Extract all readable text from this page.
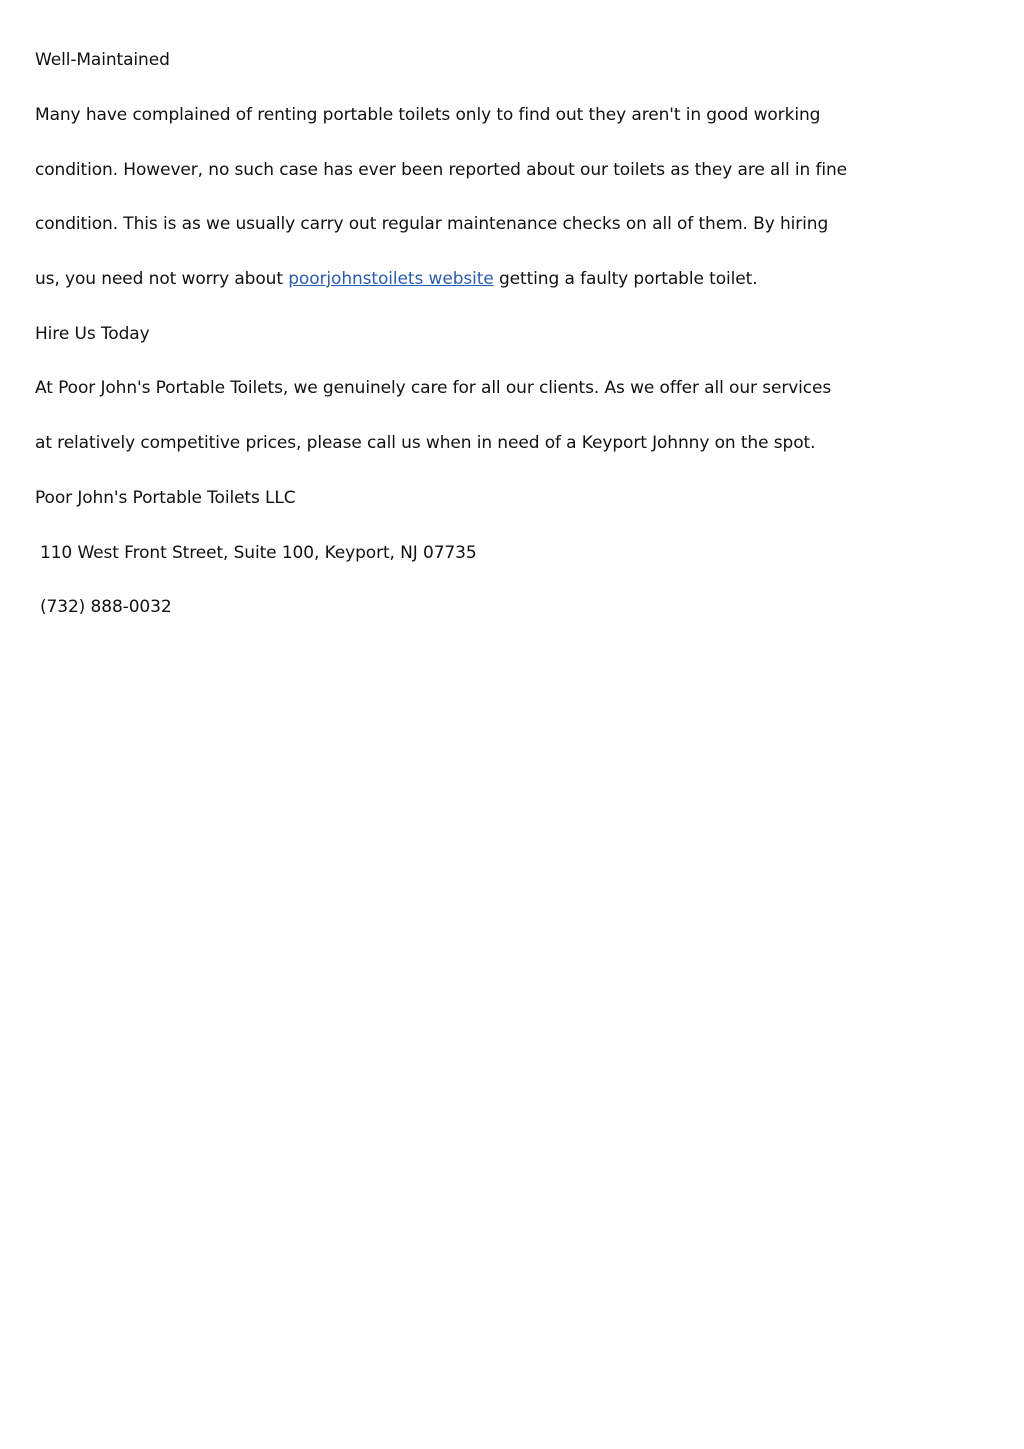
Well-Maintained
Many have complained of renting portable toilets only to find out they aren't in good working
condition. However, no such case has ever been reported about our toilets as they are all in fine
condition. This is as we usually carry out regular maintenance checks on all of them. By hiring
us, you need not worry about poorjohnstoilets website getting a faulty portable toilet.
Hire Us Today
At Poor John's Portable Toilets, we genuinely care for all our clients. As we offer all our services
at relatively competitive prices, please call us when in need of a Keyport Johnny on the spot.
Poor John's Portable Toilets LLC
110 West Front Street, Suite 100, Keyport, NJ 07735
(732) 888-0032
